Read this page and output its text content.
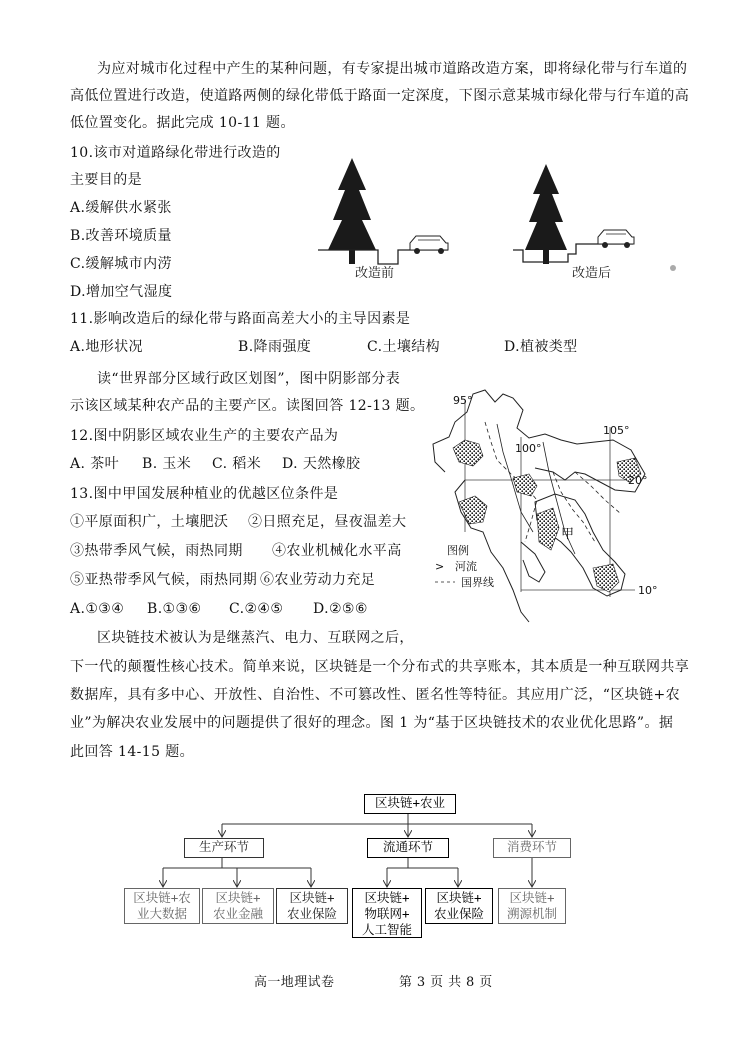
为应对城市化过程中产生的某种问题，有专家提出城市道路改造方案，即将绿化带与行车道的
高低位置进行改造，使道路两侧的绿化带低于路面一定深度，下图示意某城市绿化带与行车道的高
低位置变化。据此完成 10-11 题。
10.该市对道路绿化带进行改造的
主要目的是
A.缓解供水紧张
B.改善环境质量
C.缓解城市内涝
D.增加空气湿度
改造前	改造后
11.影响改造后的绿化带与路面高差大小的主导因素是
A.地形状况	B.降雨强度	C.土壤结构	D.植被类型
读“世界部分区域行政区划图”，图中阴影部分表
示该区域某种农产品的主要产区。读图回答 12-13 题。
12.图中阴影区域农业生产的主要农产品为
A. 茶叶 B. 玉米 C. 稻米 D. 天然橡胶
13.图中甲国发展种植业的优越区位条件是
①平原面积广，土壤肥沃 ②日照充足，昼夜温差大
③热带季风气候，雨热同期 ④农业机械化水平高
⑤亚热带季风气候，雨热同期 ⑥农业劳动力充足
A.①③④ B.①③⑥ C.②④⑤ D.②⑤⑥
95°
100°
105°
20°
10°
甲
图例
> 河流
国界线
区块链技术被认为是继蒸汽、电力、互联网之后，
下一代的颠覆性核心技术。简单来说，区块链是一个分布式的共享账本，其本质是一种互联网共享
数据库，具有多中心、开放性、自治性、不可篡改性、匿名性等特征。其应用广泛，“区块链+农
业”为解决农业发展中的问题提供了很好的理念。图 1 为“基于区块链技术的农业优化思路”。据
此回答 14-15 题。
区块链+农业
生产环节	流通环节	消费环节
区块链+农
业大数据
区块链+
农业金融
区块链+
农业保险
区块链+
物联网+
人工智能
区块链+
农业保险
区块链+
溯源机制
高一地理试卷	第 3 页 共 8 页
